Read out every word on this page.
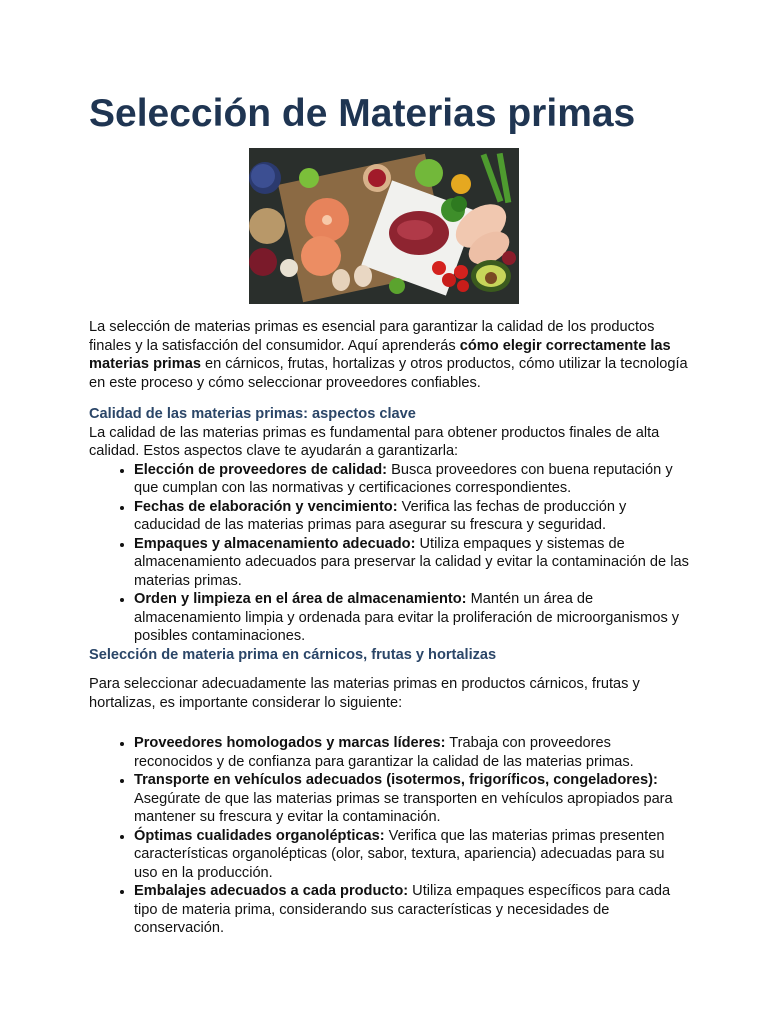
Selección de Materias primas

La selección de materias primas es esencial para garantizar la calidad de los productos finales y la satisfacción del consumidor. Aquí aprenderás cómo elegir correctamente las materias primas en cárnicos, frutas, hortalizas y otros productos, cómo utilizar la tecnología en este proceso y cómo seleccionar proveedores confiables.

Calidad de las materias primas: aspectos clave

La calidad de las materias primas es fundamental para obtener productos finales de alta calidad. Estos aspectos clave te ayudarán a garantizarla:

• Elección de proveedores de calidad: Busca proveedores con buena reputación y que cumplan con las normativas y certificaciones correspondientes.
• Fechas de elaboración y vencimiento: Verifica las fechas de producción y caducidad de las materias primas para asegurar su frescura y seguridad.
• Empaques y almacenamiento adecuado: Utiliza empaques y sistemas de almacenamiento adecuados para preservar la calidad y evitar la contaminación de las materias primas.
• Orden y limpieza en el área de almacenamiento: Mantén un área de almacenamiento limpia y ordenada para evitar la proliferación de microorganismos y posibles contaminaciones.
Selección de materia prima en cárnicos, frutas y hortalizas

Para seleccionar adecuadamente las materias primas en productos cárnicos, frutas y hortalizas, es importante considerar lo siguiente:

• Proveedores homologados y marcas líderes: Trabaja con proveedores reconocidos y de confianza para garantizar la calidad de las materias primas.
• Transporte en vehículos adecuados (isotermos, frigoríficos, congeladores): Asegúrate de que las materias primas se transporten en vehículos apropiados para mantener su frescura y evitar la contaminación.
• Óptimas cualidades organolépticas: Verifica que las materias primas presenten características organolépticas (olor, sabor, textura, apariencia) adecuadas para su uso en la producción.
• Embalajes adecuados a cada producto: Utiliza empaques específicos para cada tipo de materia prima, considerando sus características y necesidades de conservación.
